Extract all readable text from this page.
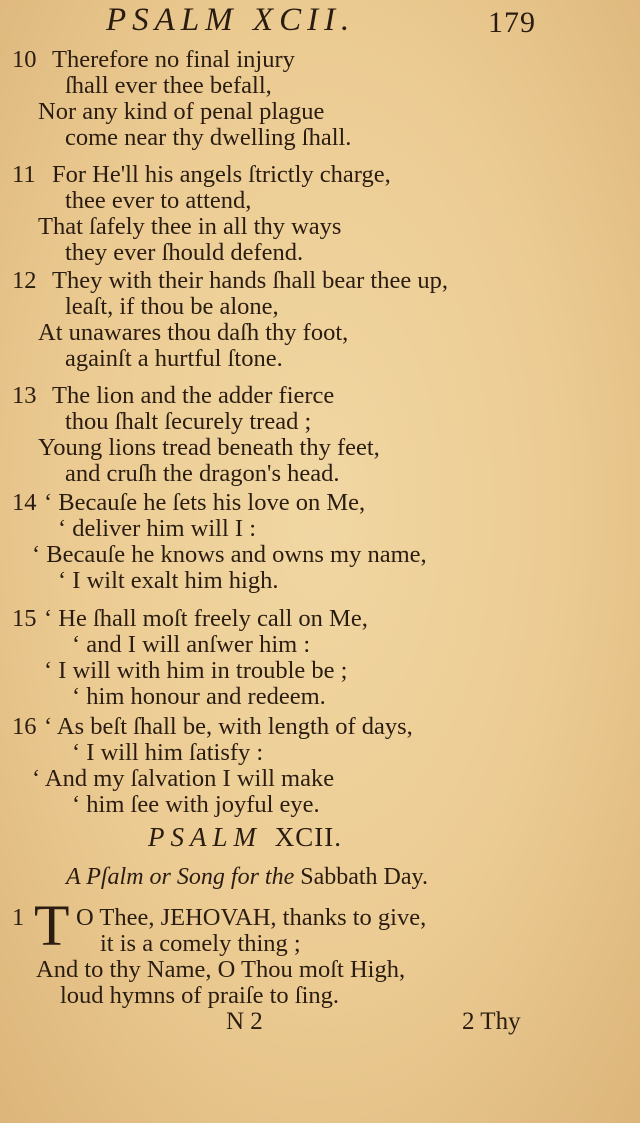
PSALM XCII.	179
10 Therefore no final injury
ſhall ever thee befall,
Nor any kind of penal plague
come near thy dwelling ſhall.
11 For He'll his angels ſtrictly charge,
thee ever to attend,
That ſafely thee in all thy ways
they ever ſhould defend.
12 They with their hands ſhall bear thee up,
leaſt, if thou be alone,
At unawares thou daſh thy foot,
againſt a hurtful ſtone.
13 The lion and the adder fierce
thou ſhalt ſecurely tread ;
Young lions tread beneath thy feet,
and cruſh the dragon's head.
14 ‘ Becauſe he ſets his love on Me,
‘ deliver him will I :
‘ Becauſe he knows and owns my name,
‘ I wilt exalt him high.
15 ‘ He ſhall moſt freely call on Me,
‘ and I will anſwer him :
‘ I will with him in trouble be ;
‘ him honour and redeem.
16 ‘ As beſt ſhall be, with length of days,
‘ I will him ſatisfy :
‘ And my ſalvation I will make
‘ him ſee with joyful eye.
PSALM XCII.
A Pſalm or Song for the Sabbath Day.
1 T O Thee, JEHOVAH, thanks to give,
it is a comely thing ;
And to thy Name, O Thou moſt High,
loud hymns of praiſe to ſing.
N 2	2 Thy
